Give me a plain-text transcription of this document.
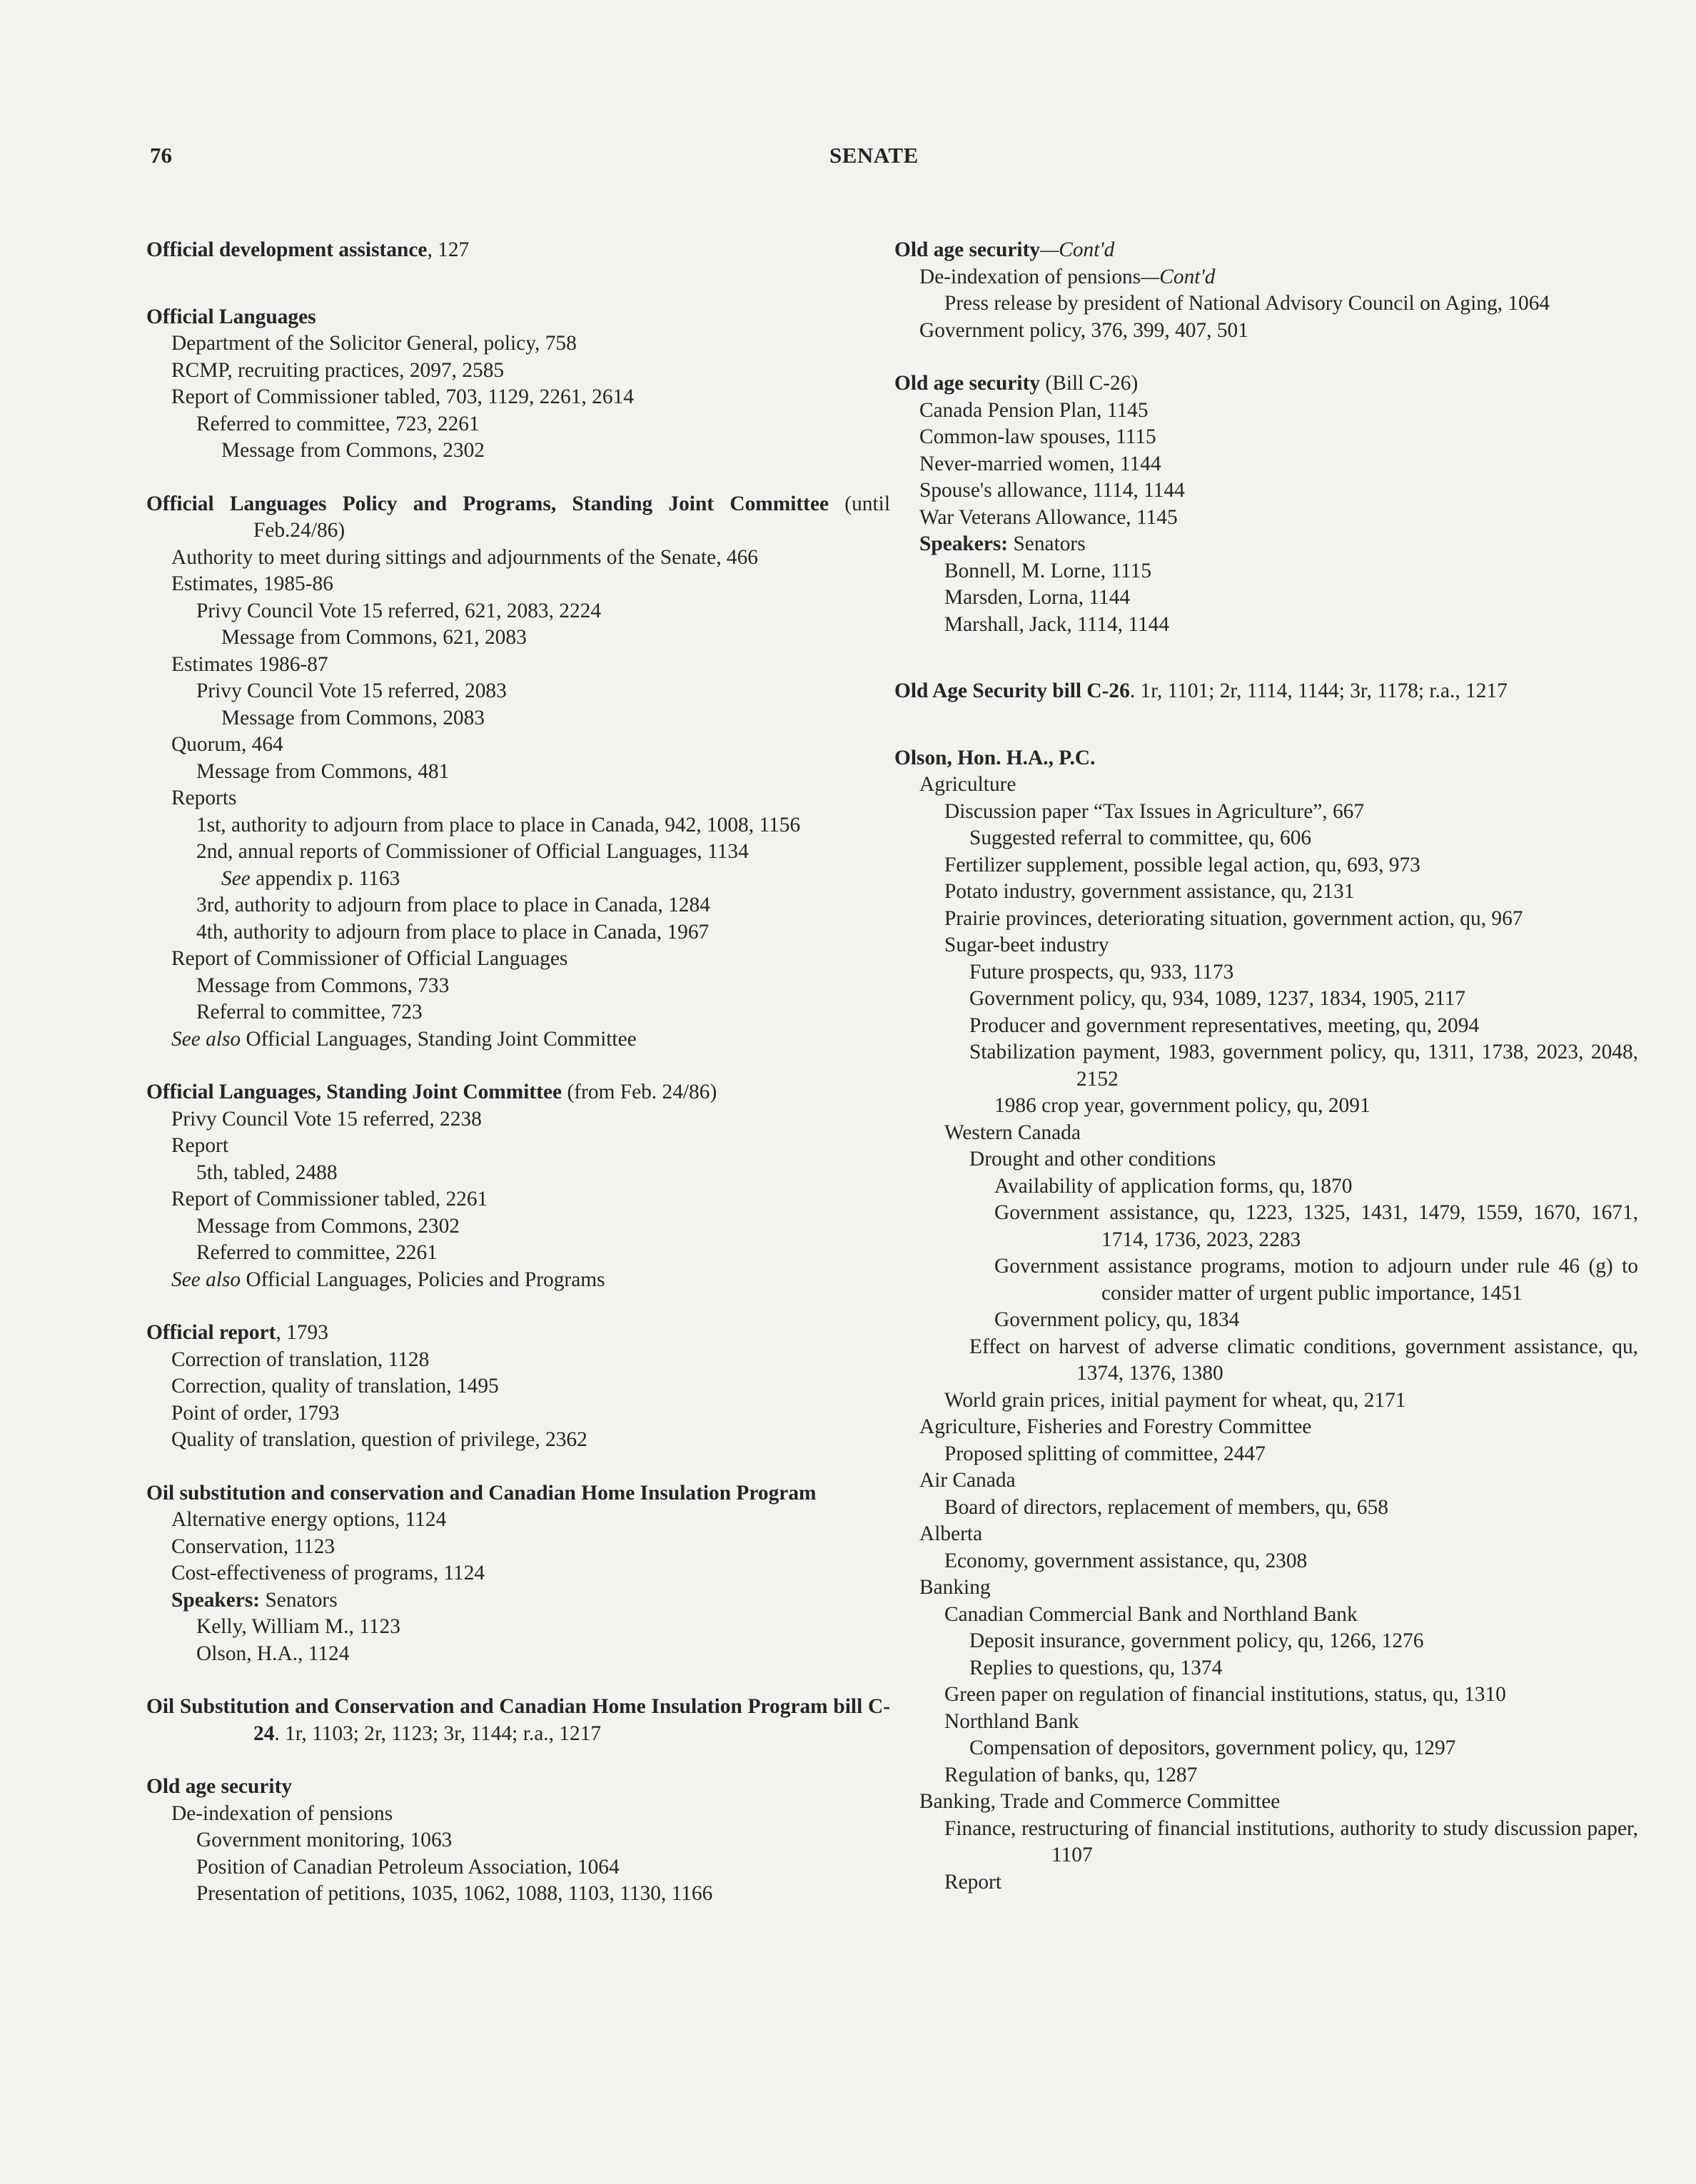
76	SENATE
Official development assistance, 127
Official Languages
Department of the Solicitor General, policy, 758
RCMP, recruiting practices, 2097, 2585
Report of Commissioner tabled, 703, 1129, 2261, 2614
Referred to committee, 723, 2261
Message from Commons, 2302
Official Languages Policy and Programs, Standing Joint Committee (until Feb.24/86)
Authority to meet during sittings and adjournments of the Senate, 466
Estimates, 1985-86
Privy Council Vote 15 referred, 621, 2083, 2224
Message from Commons, 621, 2083
Estimates 1986-87
Privy Council Vote 15 referred, 2083
Message from Commons, 2083
Quorum, 464
Message from Commons, 481
Reports
1st, authority to adjourn from place to place in Canada, 942, 1008, 1156
2nd, annual reports of Commissioner of Official Languages, 1134
See appendix p. 1163
3rd, authority to adjourn from place to place in Canada, 1284
4th, authority to adjourn from place to place in Canada, 1967
Report of Commissioner of Official Languages
Message from Commons, 733
Referral to committee, 723
See also Official Languages, Standing Joint Committee
Official Languages, Standing Joint Committee (from Feb. 24/86)
Privy Council Vote 15 referred, 2238
Report
5th, tabled, 2488
Report of Commissioner tabled, 2261
Message from Commons, 2302
Referred to committee, 2261
See also Official Languages, Policies and Programs
Official report, 1793
Correction of translation, 1128
Correction, quality of translation, 1495
Point of order, 1793
Quality of translation, question of privilege, 2362
Oil substitution and conservation and Canadian Home Insulation Program
Alternative energy options, 1124
Conservation, 1123
Cost-effectiveness of programs, 1124
Speakers: Senators
Kelly, William M., 1123
Olson, H.A., 1124
Oil Substitution and Conservation and Canadian Home Insulation Program bill C-24. 1r, 1103; 2r, 1123; 3r, 1144; r.a., 1217
Old age security
De-indexation of pensions
Government monitoring, 1063
Position of Canadian Petroleum Association, 1064
Presentation of petitions, 1035, 1062, 1088, 1103, 1130, 1166
Old age security—Cont'd
De-indexation of pensions—Cont'd
Press release by president of National Advisory Council on Aging, 1064
Government policy, 376, 399, 407, 501
Old age security (Bill C-26)
Canada Pension Plan, 1145
Common-law spouses, 1115
Never-married women, 1144
Spouse's allowance, 1114, 1144
War Veterans Allowance, 1145
Speakers: Senators
Bonnell, M. Lorne, 1115
Marsden, Lorna, 1144
Marshall, Jack, 1114, 1144
Old Age Security bill C-26. 1r, 1101; 2r, 1114, 1144; 3r, 1178; r.a., 1217
Olson, Hon. H.A., P.C.
Agriculture
Discussion paper “Tax Issues in Agriculture”, 667
Suggested referral to committee, qu, 606
Fertilizer supplement, possible legal action, qu, 693, 973
Potato industry, government assistance, qu, 2131
Prairie provinces, deteriorating situation, government action, qu, 967
Sugar-beet industry
Future prospects, qu, 933, 1173
Government policy, qu, 934, 1089, 1237, 1834, 1905, 2117
Producer and government representatives, meeting, qu, 2094
Stabilization payment, 1983, government policy, qu, 1311, 1738, 2023, 2048, 2152
1986 crop year, government policy, qu, 2091
Western Canada
Drought and other conditions
Availability of application forms, qu, 1870
Government assistance, qu, 1223, 1325, 1431, 1479, 1559, 1670, 1671, 1714, 1736, 2023, 2283
Government assistance programs, motion to adjourn under rule 46 (g) to consider matter of urgent public importance, 1451
Government policy, qu, 1834
Effect on harvest of adverse climatic conditions, government assistance, qu, 1374, 1376, 1380
World grain prices, initial payment for wheat, qu, 2171
Agriculture, Fisheries and Forestry Committee
Proposed splitting of committee, 2447
Air Canada
Board of directors, replacement of members, qu, 658
Alberta
Economy, government assistance, qu, 2308
Banking
Canadian Commercial Bank and Northland Bank
Deposit insurance, government policy, qu, 1266, 1276
Replies to questions, qu, 1374
Green paper on regulation of financial institutions, status, qu, 1310
Northland Bank
Compensation of depositors, government policy, qu, 1297
Regulation of banks, qu, 1287
Banking, Trade and Commerce Committee
Finance, restructuring of financial institutions, authority to study discussion paper, 1107
Report
